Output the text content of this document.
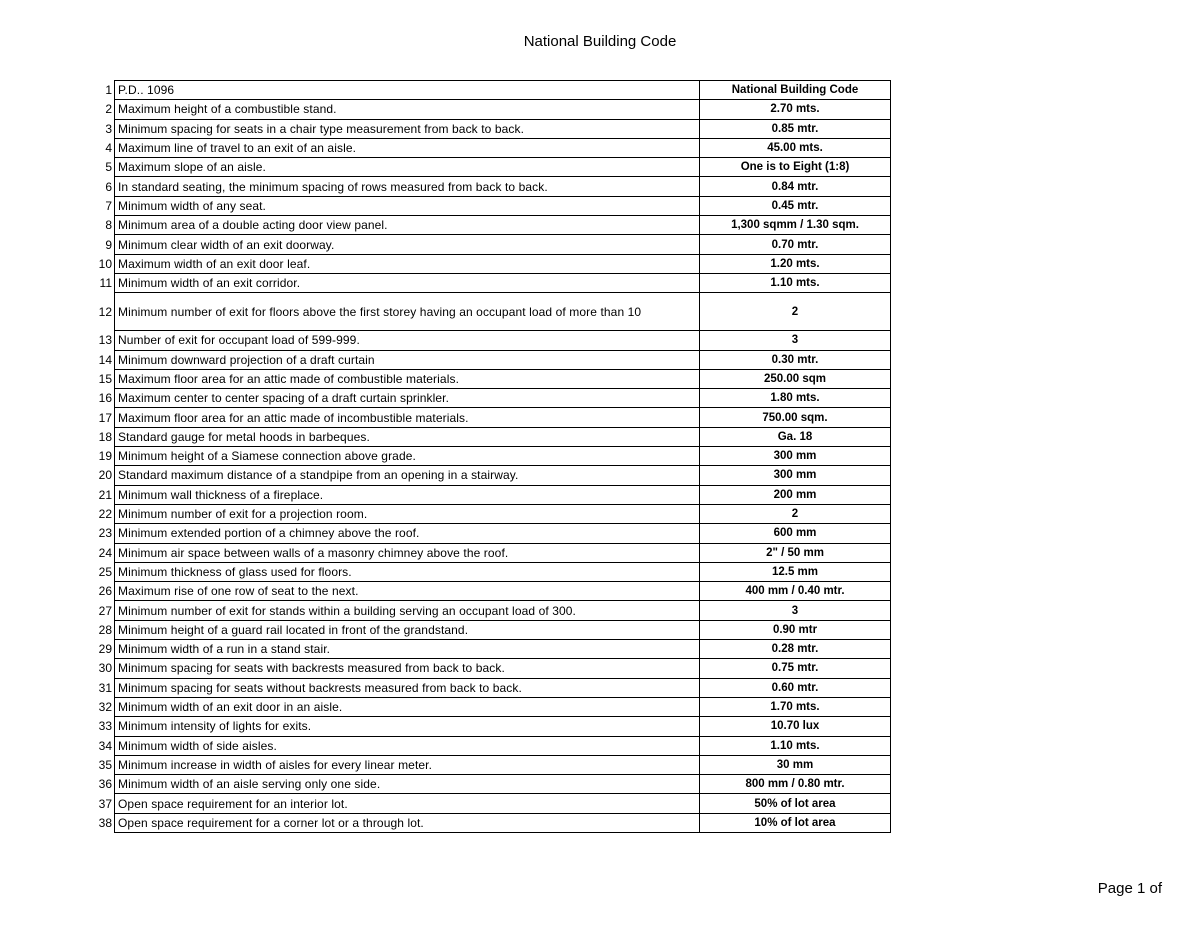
National Building Code
1	P.D.. 1096	National Building Code
2	Maximum height of a combustible stand.	2.70 mts.
3	Minimum spacing for seats in a chair type measurement from back to back.	0.85 mtr.
4	Maximum line of travel to an exit of an aisle.	45.00 mts.
5	Maximum slope of an aisle.	One is to Eight (1:8)
6	In standard seating, the minimum spacing of rows measured from back to back.	0.84 mtr.
7	Minimum width of any seat.	0.45 mtr.
8	Minimum area of a double acting door view panel.	1,300 sqmm / 1.30 sqm.
9	Minimum clear width of an exit doorway.	0.70 mtr.
10	Maximum width of an exit door leaf.	1.20 mts.
11	Minimum width of an exit corridor.	1.10 mts.
12	Minimum number of exit for floors above the first storey having an occupant load of more than 10	2
13	Number of exit for occupant load of 599-999.	3
14	Minimum downward projection of a draft curtain	0.30 mtr.
15	Maximum floor area for an attic made of combustible materials.	250.00 sqm
16	Maximum center to center spacing of a draft curtain sprinkler.	1.80 mts.
17	Maximum floor area for an attic made of incombustible materials.	750.00 sqm.
18	Standard gauge for metal hoods in barbeques.	Ga. 18
19	Minimum height of a Siamese connection above grade.	300 mm
20	Standard maximum distance of a standpipe from an opening in a stairway.	300 mm
21	Minimum wall thickness of a fireplace.	200 mm
22	Minimum number of exit for a projection room.	2
23	Minimum extended portion of a chimney above the roof.	600 mm
24	Minimum air space between walls of a masonry chimney above the roof.	2" / 50 mm
25	Minimum thickness of glass used for floors.	12.5 mm
26	Maximum rise of one row of seat to the next.	400 mm / 0.40 mtr.
27	Minimum number of exit for stands within a building serving an occupant load of 300.	3
28	Minimum height of a guard rail located in front of the grandstand.	0.90 mtr
29	Minimum width of a run in a stand stair.	0.28 mtr.
30	Minimum spacing for seats with backrests measured from back to back.	0.75 mtr.
31	Minimum spacing for seats without backrests measured from back to back.	0.60 mtr.
32	Minimum width of an exit door in an aisle.	1.70 mts.
33	Minimum intensity of lights for exits.	10.70 lux
34	Minimum width of side aisles.	1.10 mts.
35	Minimum increase in width of aisles for every linear meter.	30 mm
36	Minimum width of an aisle serving only one side.	800 mm / 0.80 mtr.
37	Open space requirement for an interior lot.	50% of lot area
38	Open space requirement for a corner lot or a through lot.	10% of lot area
Page 1 of
